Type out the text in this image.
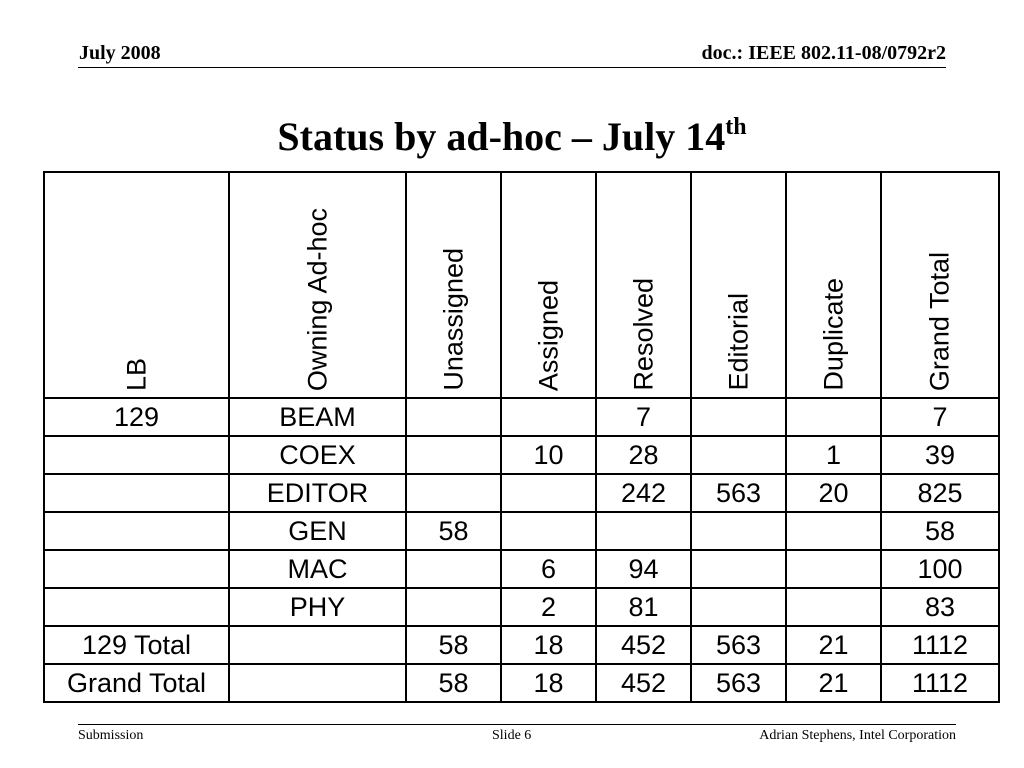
July 2008	doc.: IEEE 802.11-08/0792r2
Status by ad-hoc – July 14th
LB	Owning Ad-hoc	Unassigned	Assigned	Resolved	Editorial	Duplicate	Grand Total

129	BEAM			7			7
	COEX		10	28		1	39
	EDITOR			242	563	20	825
	GEN	58					58
	MAC		6	94			100
	PHY		2	81			83
129 Total		58	18	452	563	21	1112
Grand Total		58	18	452	563	21	1112
Submission	Slide 6	Adrian Stephens, Intel Corporation
